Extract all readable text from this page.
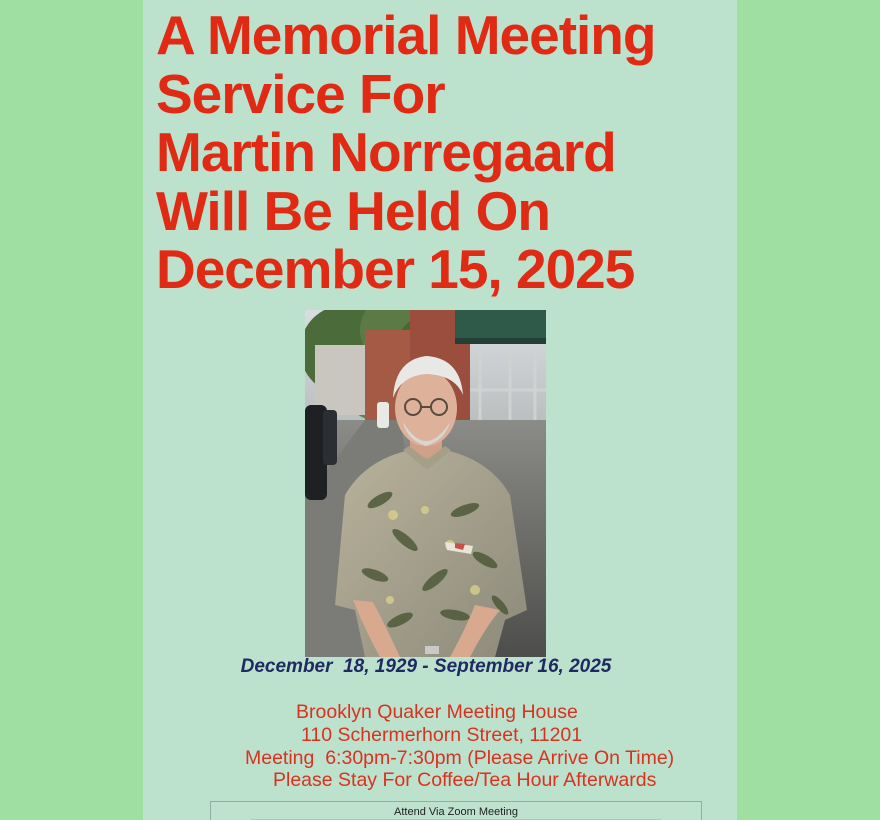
A Memorial Meeting
Service For
Martin Norregaard
Will Be Held On
December 15, 2025
December  18, 1929 - September 16, 2025
Brooklyn Quaker Meeting House
110 Schermerhorn Street, 11201
Meeting  6:30pm-7:30pm (Please Arrive On Time)
Please Stay For Coffee/Tea Hour Afterwards
Attend Via Zoom Meeting
